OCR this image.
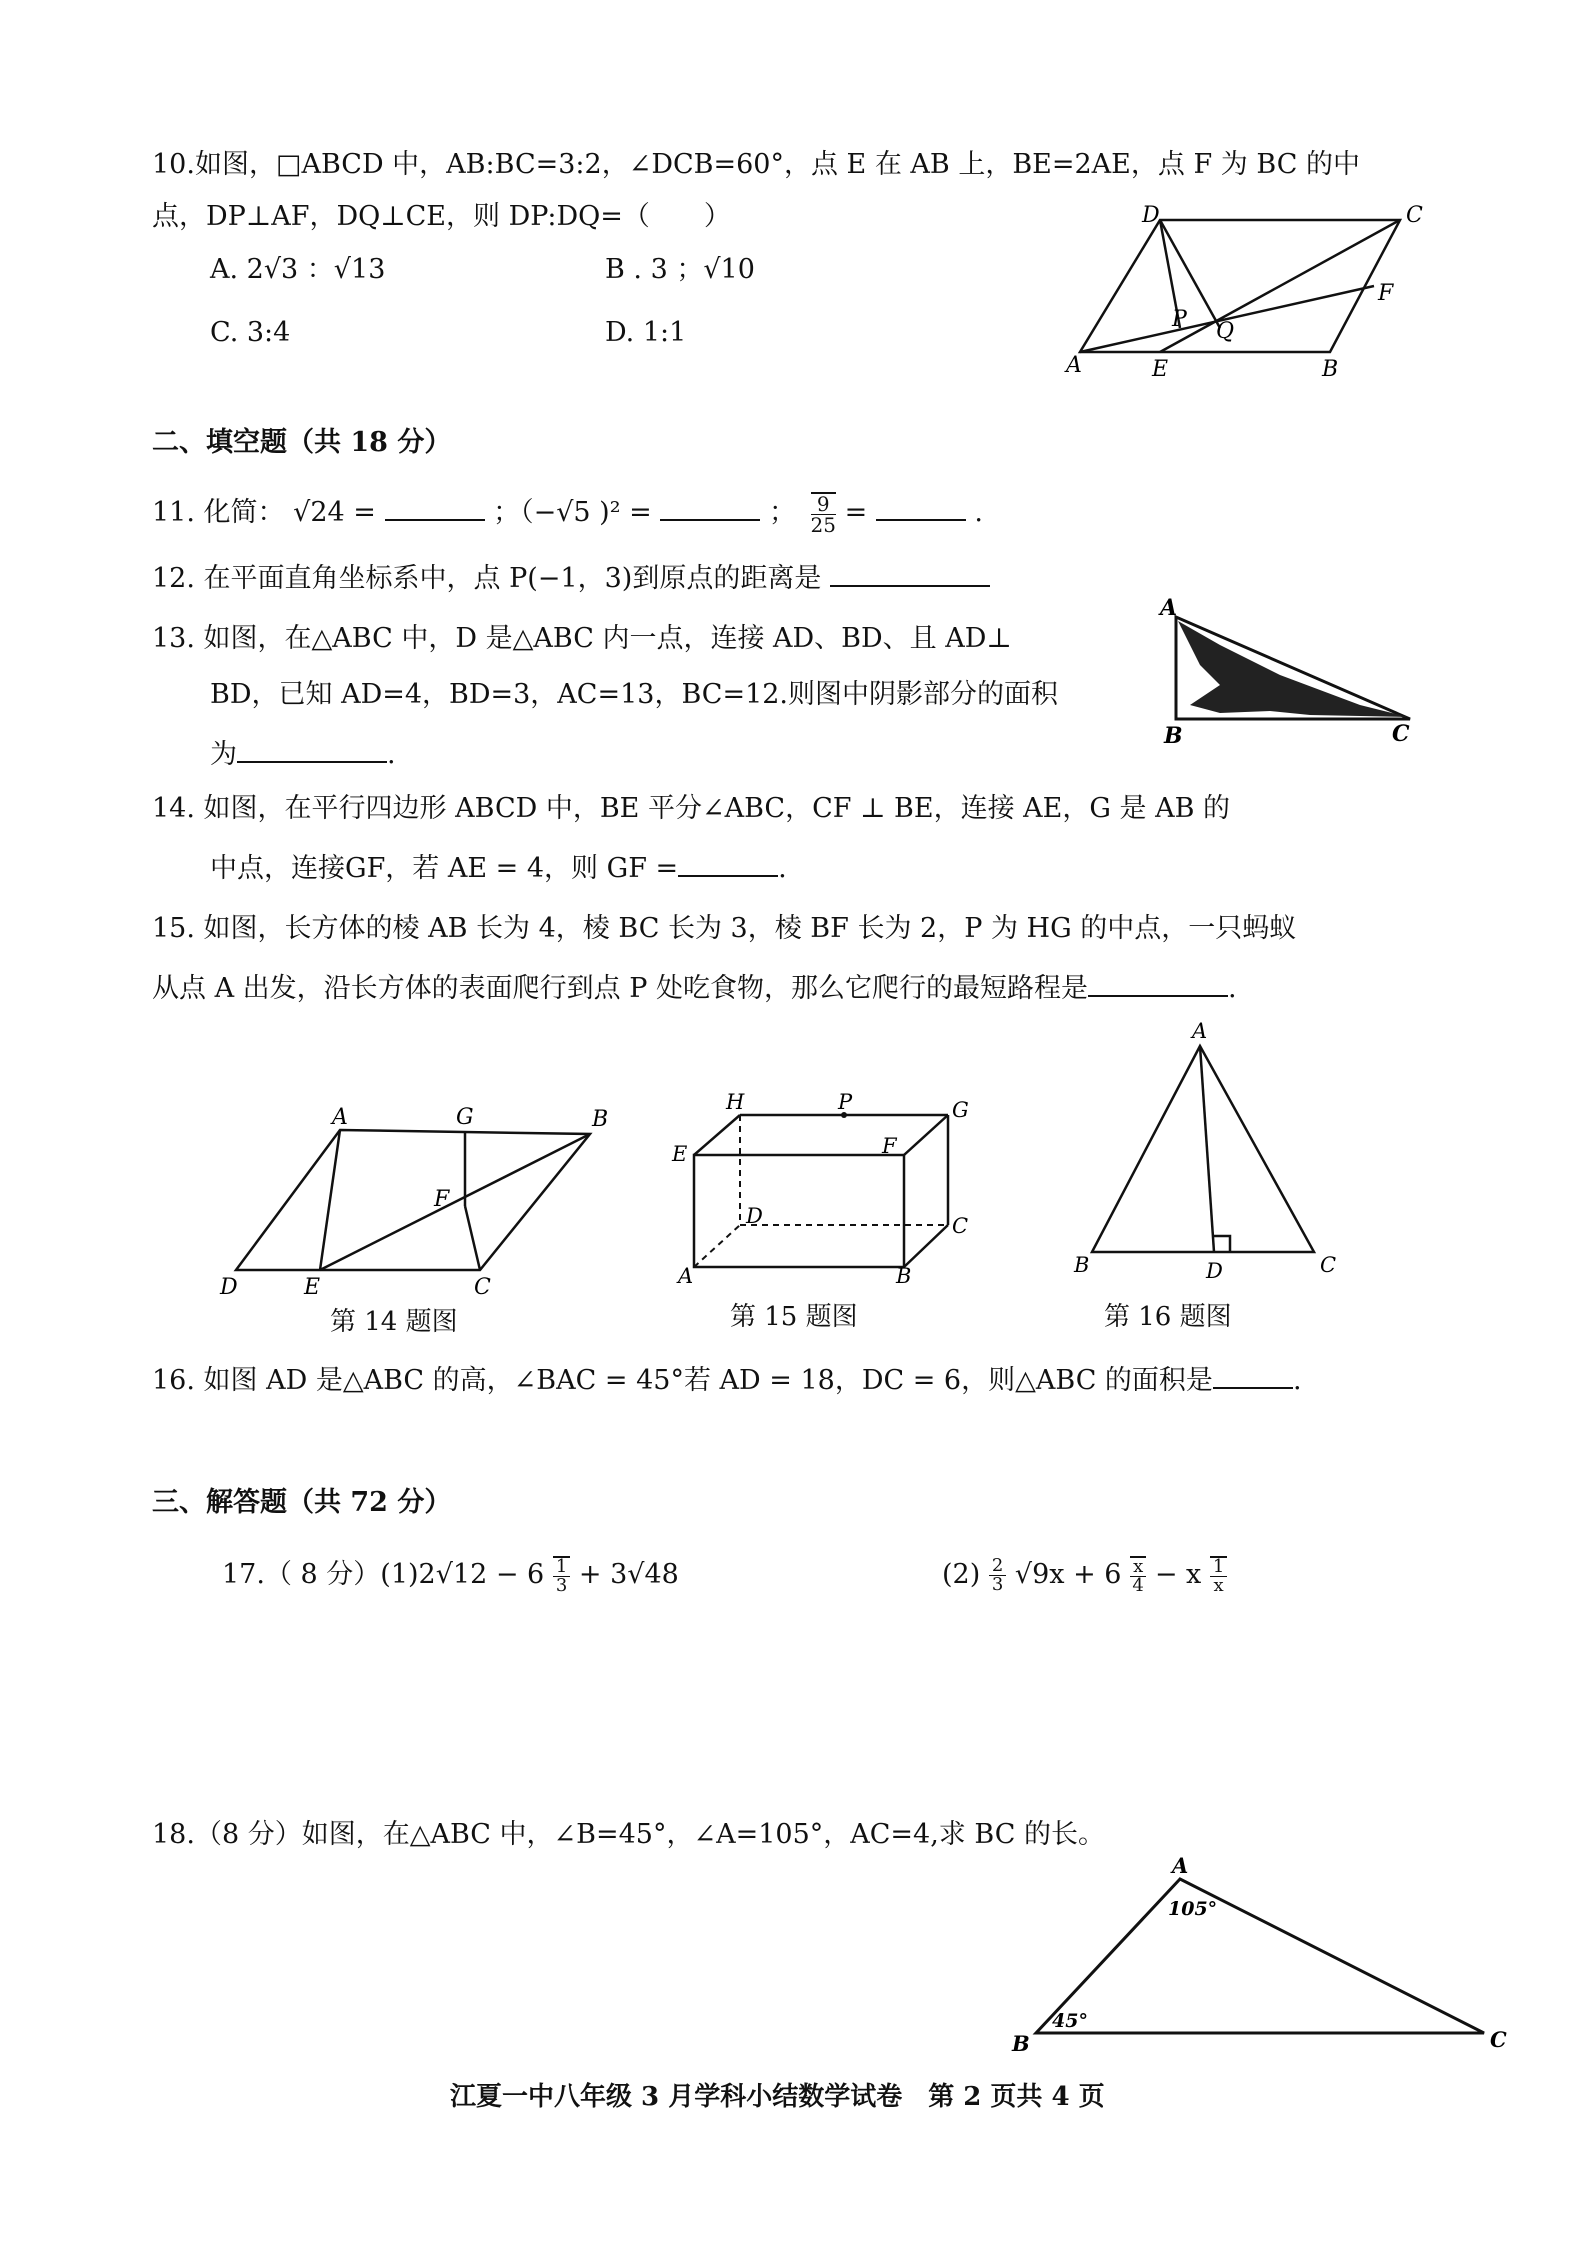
10.如图，□ABCD 中，AB:BC=3:2，∠DCB=60°，点 E 在 AB 上，BE=2AE，点 F 为 BC 的中
点，DP⊥AF，DQ⊥CE，则 DP:DQ=（　　）
A. 2√3 ：√13	B . 3 ；√10
C. 3:4	D. 1:1
D	C
P Q
F
A	E	B
二、填空题（共 18 分）
11. 化简： √24 =	；（−√5 )² =	； $\frac{9}{25}$ =	.
12. 在平面直角坐标系中，点 P(−1，3)到原点的距离是
13. 如图，在△ABC 中，D 是△ABC 内一点，连接 AD、BD、且 AD⊥
BD，已知 AD=4，BD=3，AC=13，BC=12.则图中阴影部分的面积
为	.
A
B	C
14. 如图，在平行四边形 ABCD 中，BE 平分∠ABC，CF ⊥ BE，连接 AE，G 是 AB 的
中点，连接GF，若 AE = 4，则 GF =	.
15. 如图，长方体的棱 AB 长为 4，棱 BC 长为 3，棱 BF 长为 2，P 为 HG 的中点，一只蚂蚁
从点 A 出发，沿长方体的表面爬行到点 P 处吃食物，那么它爬行的最短路程是	.
A	G	B
F
D	E	C
第 14 题图
H	P	G
E	F
D	C
A	B
第 15 题图
A
B	D	C
第 16 题图
16. 如图 AD 是△ABC 的高，∠BAC = 45°若 AD = 18，DC = 6，则△ABC 的面积是	.
三、解答题（共 72 分）
17.（ 8 分）$(1)2√12 - 6 \frac{1}{3} + 3√48$	$(2) \frac{2}{3} √9x + 6 \frac{x}{4} - x \frac{1}{x}$
18.（8 分）如图，在△ABC 中，∠B=45°，∠A=105°，AC=4,求 BC 的长。
A
B	C
105°
45°
江夏一中八年级 3 月学科小结数学试卷　第 2 页共 4 页
